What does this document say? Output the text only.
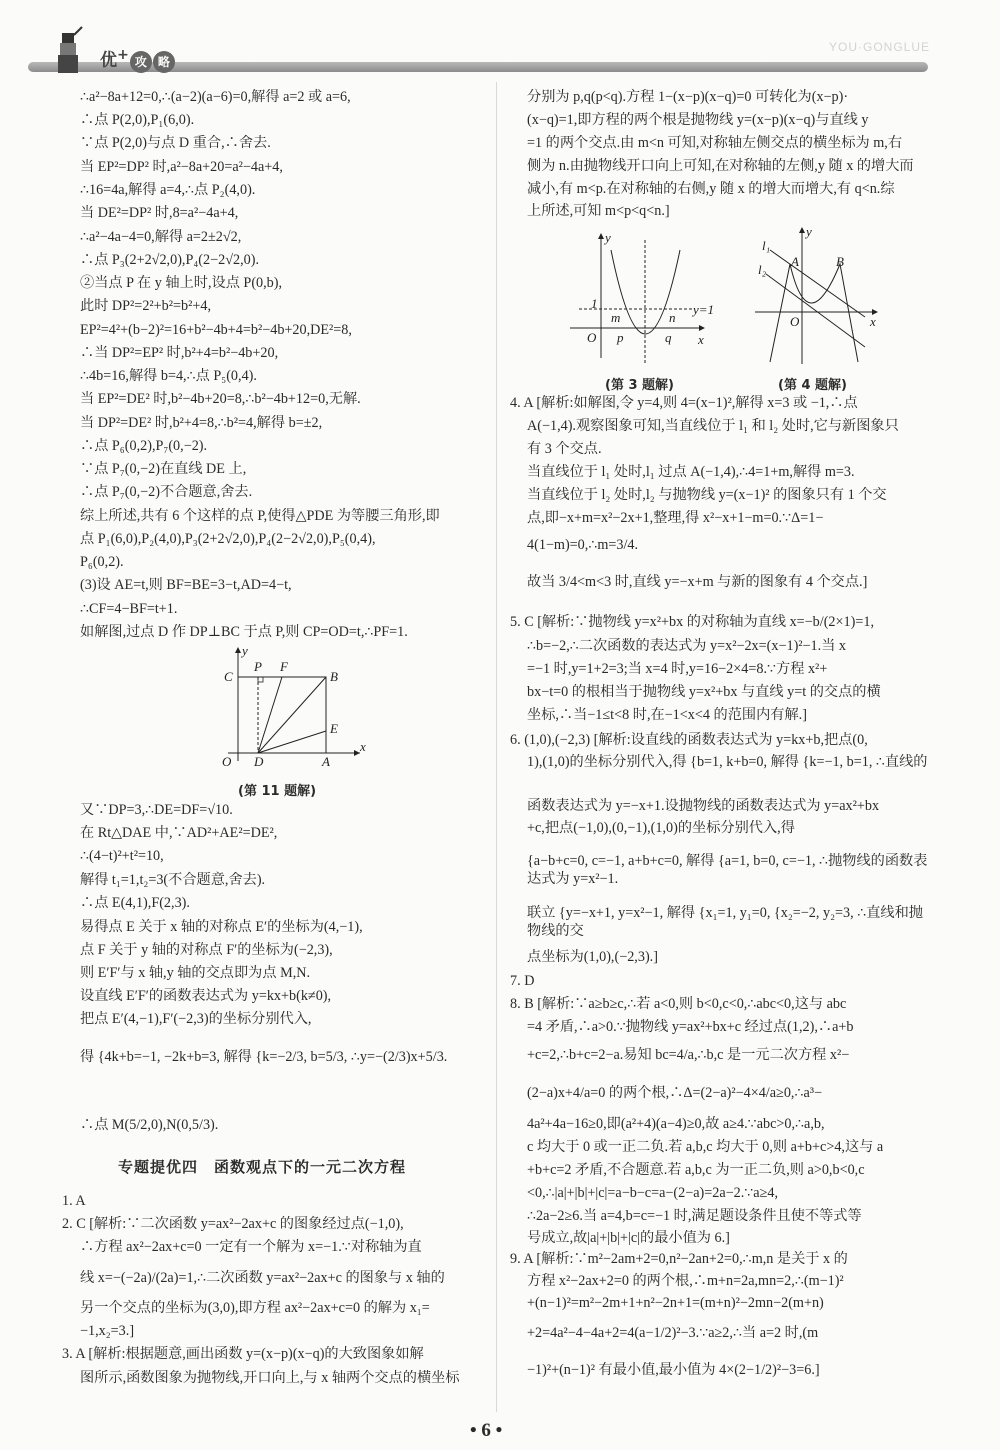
优+ 攻 略
YOU·GONGLUE
∴a²−8a+12=0,∴(a−2)(a−6)=0,解得 a=2 或 a=6,
∴点 P(2,0),P₁(6,0).
∵点 P(2,0)与点 D 重合,∴舍去.
当 EP²=DP² 时,a²−8a+20=a²−4a+4,
∴16=4a,解得 a=4,∴点 P₂(4,0).
当 DE²=DP² 时,8=a²−4a+4,
∴a²−4a−4=0,解得 a=2±2√2,
∴点 P₃(2+2√2,0),P₄(2−2√2,0).
②当点 P 在 y 轴上时,设点 P(0,b),
此时 DP²=2²+b²=b²+4,
EP²=4²+(b−2)²=16+b²−4b+4=b²−4b+20,DE²=8,
∴当 DP²=EP² 时,b²+4=b²−4b+20,
∴4b=16,解得 b=4,∴点 P₅(0,4).
当 EP²=DE² 时,b²−4b+20=8,∴b²−4b+12=0,无解.
当 DP²=DE² 时,b²+4=8,∴b²=4,解得 b=±2,
∴点 P₆(0,2),P₇(0,−2).
∵点 P₇(0,−2)在直线 DE 上,
∴点 P₇(0,−2)不合题意,舍去.
综上所述,共有 6 个这样的点 P,使得△PDE 为等腰三角形,即
点 P₁(6,0),P₂(4,0),P₃(2+2√2,0),P₄(2−2√2,0),P₅(0,4),
P₆(0,2).
(3)设 AE=t,则 BF=BE=3−t,AD=4−t,
∴CF=4−BF=t+1.
如解图,过点 D 作 DP⊥BC 于点 P,则 CP=OD=t,∴PF=1.
y
x
C
P F
B
E
O D	A
(第 11 题解)
又∵DP=3,∴DE=DF=√10.
在 Rt△DAE 中,∵AD²+AE²=DE²,
∴(4−t)²+t²=10,
解得 t₁=1,t₂=3(不合题意,舍去).
∴点 E(4,1),F(2,3).
易得点 E 关于 x 轴的对称点 E′的坐标为(4,−1),
点 F 关于 y 轴的对称点 F′的坐标为(−2,3),
则 E′F′与 x 轴,y 轴的交点即为点 M,N.
设直线 E′F′的函数表达式为 y=kx+b(k≠0),
把点 E′(4,−1),F′(−2,3)的坐标分别代入,
得 {4k+b=−1, −2k+b=3, 解得 {k=−2/3, b=5/3, ∴y=−(2/3)x+5/3.
∴点 M(5/2,0),N(0,5/3).
专题提优四　函数观点下的一元二次方程
1. A
2. C [解析:∵二次函数 y=ax²−2ax+c 的图象经过点(−1,0),
∴方程 ax²−2ax+c=0 一定有一个解为 x=−1.∵对称轴为直
线 x=−(−2a)/(2a)=1,∴二次函数 y=ax²−2ax+c 的图象与 x 轴的
另一个交点的坐标为(3,0),即方程 ax²−2ax+c=0 的解为 x₁=
−1,x₂=3.]
3. A [解析:根据题意,画出函数 y=(x−p)(x−q)的大致图象如解
图所示,函数图象为抛物线,开口向上,与 x 轴两个交点的横坐标
分别为 p,q(p<q).方程 1−(x−p)(x−q)=0 可转化为(x−p)·
(x−q)=1,即方程的两个根是抛物线 y=(x−p)(x−q)与直线 y
=1 的两个交点.由 m<n 可知,对称轴左侧交点的横坐标为 m,右
侧为 n.由抛物线开口向上可知,在对称轴的左侧,y 随 x 的增大而
减小,有 m<p.在对称轴的右侧,y 随 x 的增大而增大,有 q<n.综
上所述,可知 m<p<q<n.]
y
1	y=1
m	n
O p	q x
(第 3 题解)
y
l₁
l₂
A	B
O	x
(第 4 题解)
4. A [解析:如解图,令 y=4,则 4=(x−1)²,解得 x=3 或 −1,∴点
A(−1,4).观察图象可知,当直线位于 l₁ 和 l₂ 处时,它与新图象只
有 3 个交点.
当直线位于 l₁ 处时,l₁ 过点 A(−1,4),∴4=1+m,解得 m=3.
当直线位于 l₂ 处时,l₂ 与抛物线 y=(x−1)² 的图象只有 1 个交
点,即−x+m=x²−2x+1,整理,得 x²−x+1−m=0.∵Δ=1−
4(1−m)=0,∴m=3/4.
故当 3/4<m<3 时,直线 y=−x+m 与新的图象有 4 个交点.]
5. C [解析:∵抛物线 y=x²+bx 的对称轴为直线 x=−b/(2×1)=1,
∴b=−2,∴二次函数的表达式为 y=x²−2x=(x−1)²−1.当 x
=−1 时,y=1+2=3;当 x=4 时,y=16−2×4=8.∵方程 x²+
bx−t=0 的根相当于抛物线 y=x²+bx 与直线 y=t 的交点的横
坐标,∴当−1≤t<8 时,在−1<x<4 的范围内有解.]
6. (1,0),(−2,3) [解析:设直线的函数表达式为 y=kx+b,把点(0,
1),(1,0)的坐标分别代入,得 {b=1, k+b=0, 解得 {k=−1, b=1, ∴直线的
函数表达式为 y=−x+1.设抛物线的函数表达式为 y=ax²+bx
+c,把点(−1,0),(0,−1),(1,0)的坐标分别代入,得
{a−b+c=0, c=−1, a+b+c=0, 解得 {a=1, b=0, c=−1, ∴抛物线的函数表达式为 y=x²−1.
联立 {y=−x+1, y=x²−1, 解得 {x₁=1, y₁=0, {x₂=−2, y₂=3, ∴直线和抛物线的交
点坐标为(1,0),(−2,3).]
7. D
8. B [解析:∵a≥b≥c,∴若 a<0,则 b<0,c<0,∴abc<0,这与 abc
=4 矛盾,∴a>0.∵抛物线 y=ax²+bx+c 经过点(1,2),∴a+b
+c=2,∴b+c=2−a.易知 bc=4/a,∴b,c 是一元二次方程 x²−
(2−a)x+4/a=0 的两个根,∴Δ=(2−a)²−4×4/a≥0,∴a³−
4a²+4a−16≥0,即(a²+4)(a−4)≥0,故 a≥4.∵abc>0,∴a,b,
c 均大于 0 或一正二负.若 a,b,c 均大于 0,则 a+b+c>4,这与 a
+b+c=2 矛盾,不合题意.若 a,b,c 为一正二负,则 a>0,b<0,c
<0,∴|a|+|b|+|c|=a−b−c=a−(2−a)=2a−2.∵a≥4,
∴2a−2≥6.当 a=4,b=c=−1 时,满足题设条件且使不等式等
号成立,故|a|+|b|+|c|的最小值为 6.]
9. A [解析:∵m²−2am+2=0,n²−2an+2=0,∴m,n 是关于 x 的
方程 x²−2ax+2=0 的两个根,∴m+n=2a,mn=2,∴(m−1)²
+(n−1)²=m²−2m+1+n²−2n+1=(m+n)²−2mn−2(m+n)
+2=4a²−4−4a+2=4(a−1/2)²−3.∵a≥2,∴当 a=2 时,(m
−1)²+(n−1)² 有最小值,最小值为 4×(2−1/2)²−3=6.]
• 6 •
